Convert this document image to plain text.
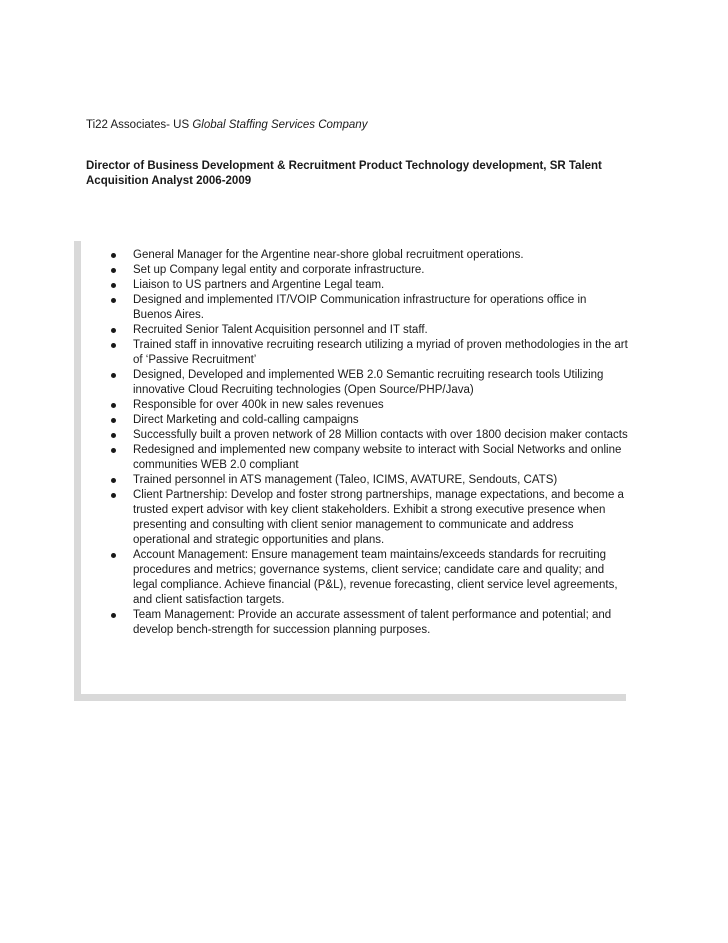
Ti22 Associates- US Global Staffing Services Company
Director of Business Development & Recruitment Product Technology development, SR Talent Acquisition Analyst 2006-2009
General Manager for the Argentine near-shore global recruitment operations.
Set up Company legal entity and corporate infrastructure.
Liaison to US partners and Argentine Legal team.
Designed and implemented IT/VOIP Communication infrastructure for operations office in Buenos Aires.
Recruited Senior Talent Acquisition personnel and IT staff.
Trained staff in innovative recruiting research utilizing a myriad of proven methodologies in the art of ‘Passive Recruitment’
Designed, Developed and implemented WEB 2.0 Semantic recruiting research tools Utilizing innovative Cloud Recruiting technologies (Open Source/PHP/Java)
Responsible for over 400k in new sales revenues
Direct Marketing and cold-calling campaigns
Successfully built a proven network of 28 Million contacts with over 1800 decision maker contacts
Redesigned and implemented new company website to interact with Social Networks and online communities WEB 2.0 compliant
Trained personnel in ATS management (Taleo, ICIMS, AVATURE, Sendouts, CATS)
Client Partnership: Develop and foster strong partnerships, manage expectations, and become a trusted expert advisor with key client stakeholders. Exhibit a strong executive presence when presenting and consulting with client senior management to communicate and address operational and strategic opportunities and plans.
Account Management: Ensure management team maintains/exceeds standards for recruiting procedures and metrics; governance systems, client service; candidate care and quality; and legal compliance. Achieve financial (P&L), revenue forecasting, client service level agreements, and client satisfaction targets.
Team Management: Provide an accurate assessment of talent performance and potential; and develop bench-strength for succession planning purposes.
